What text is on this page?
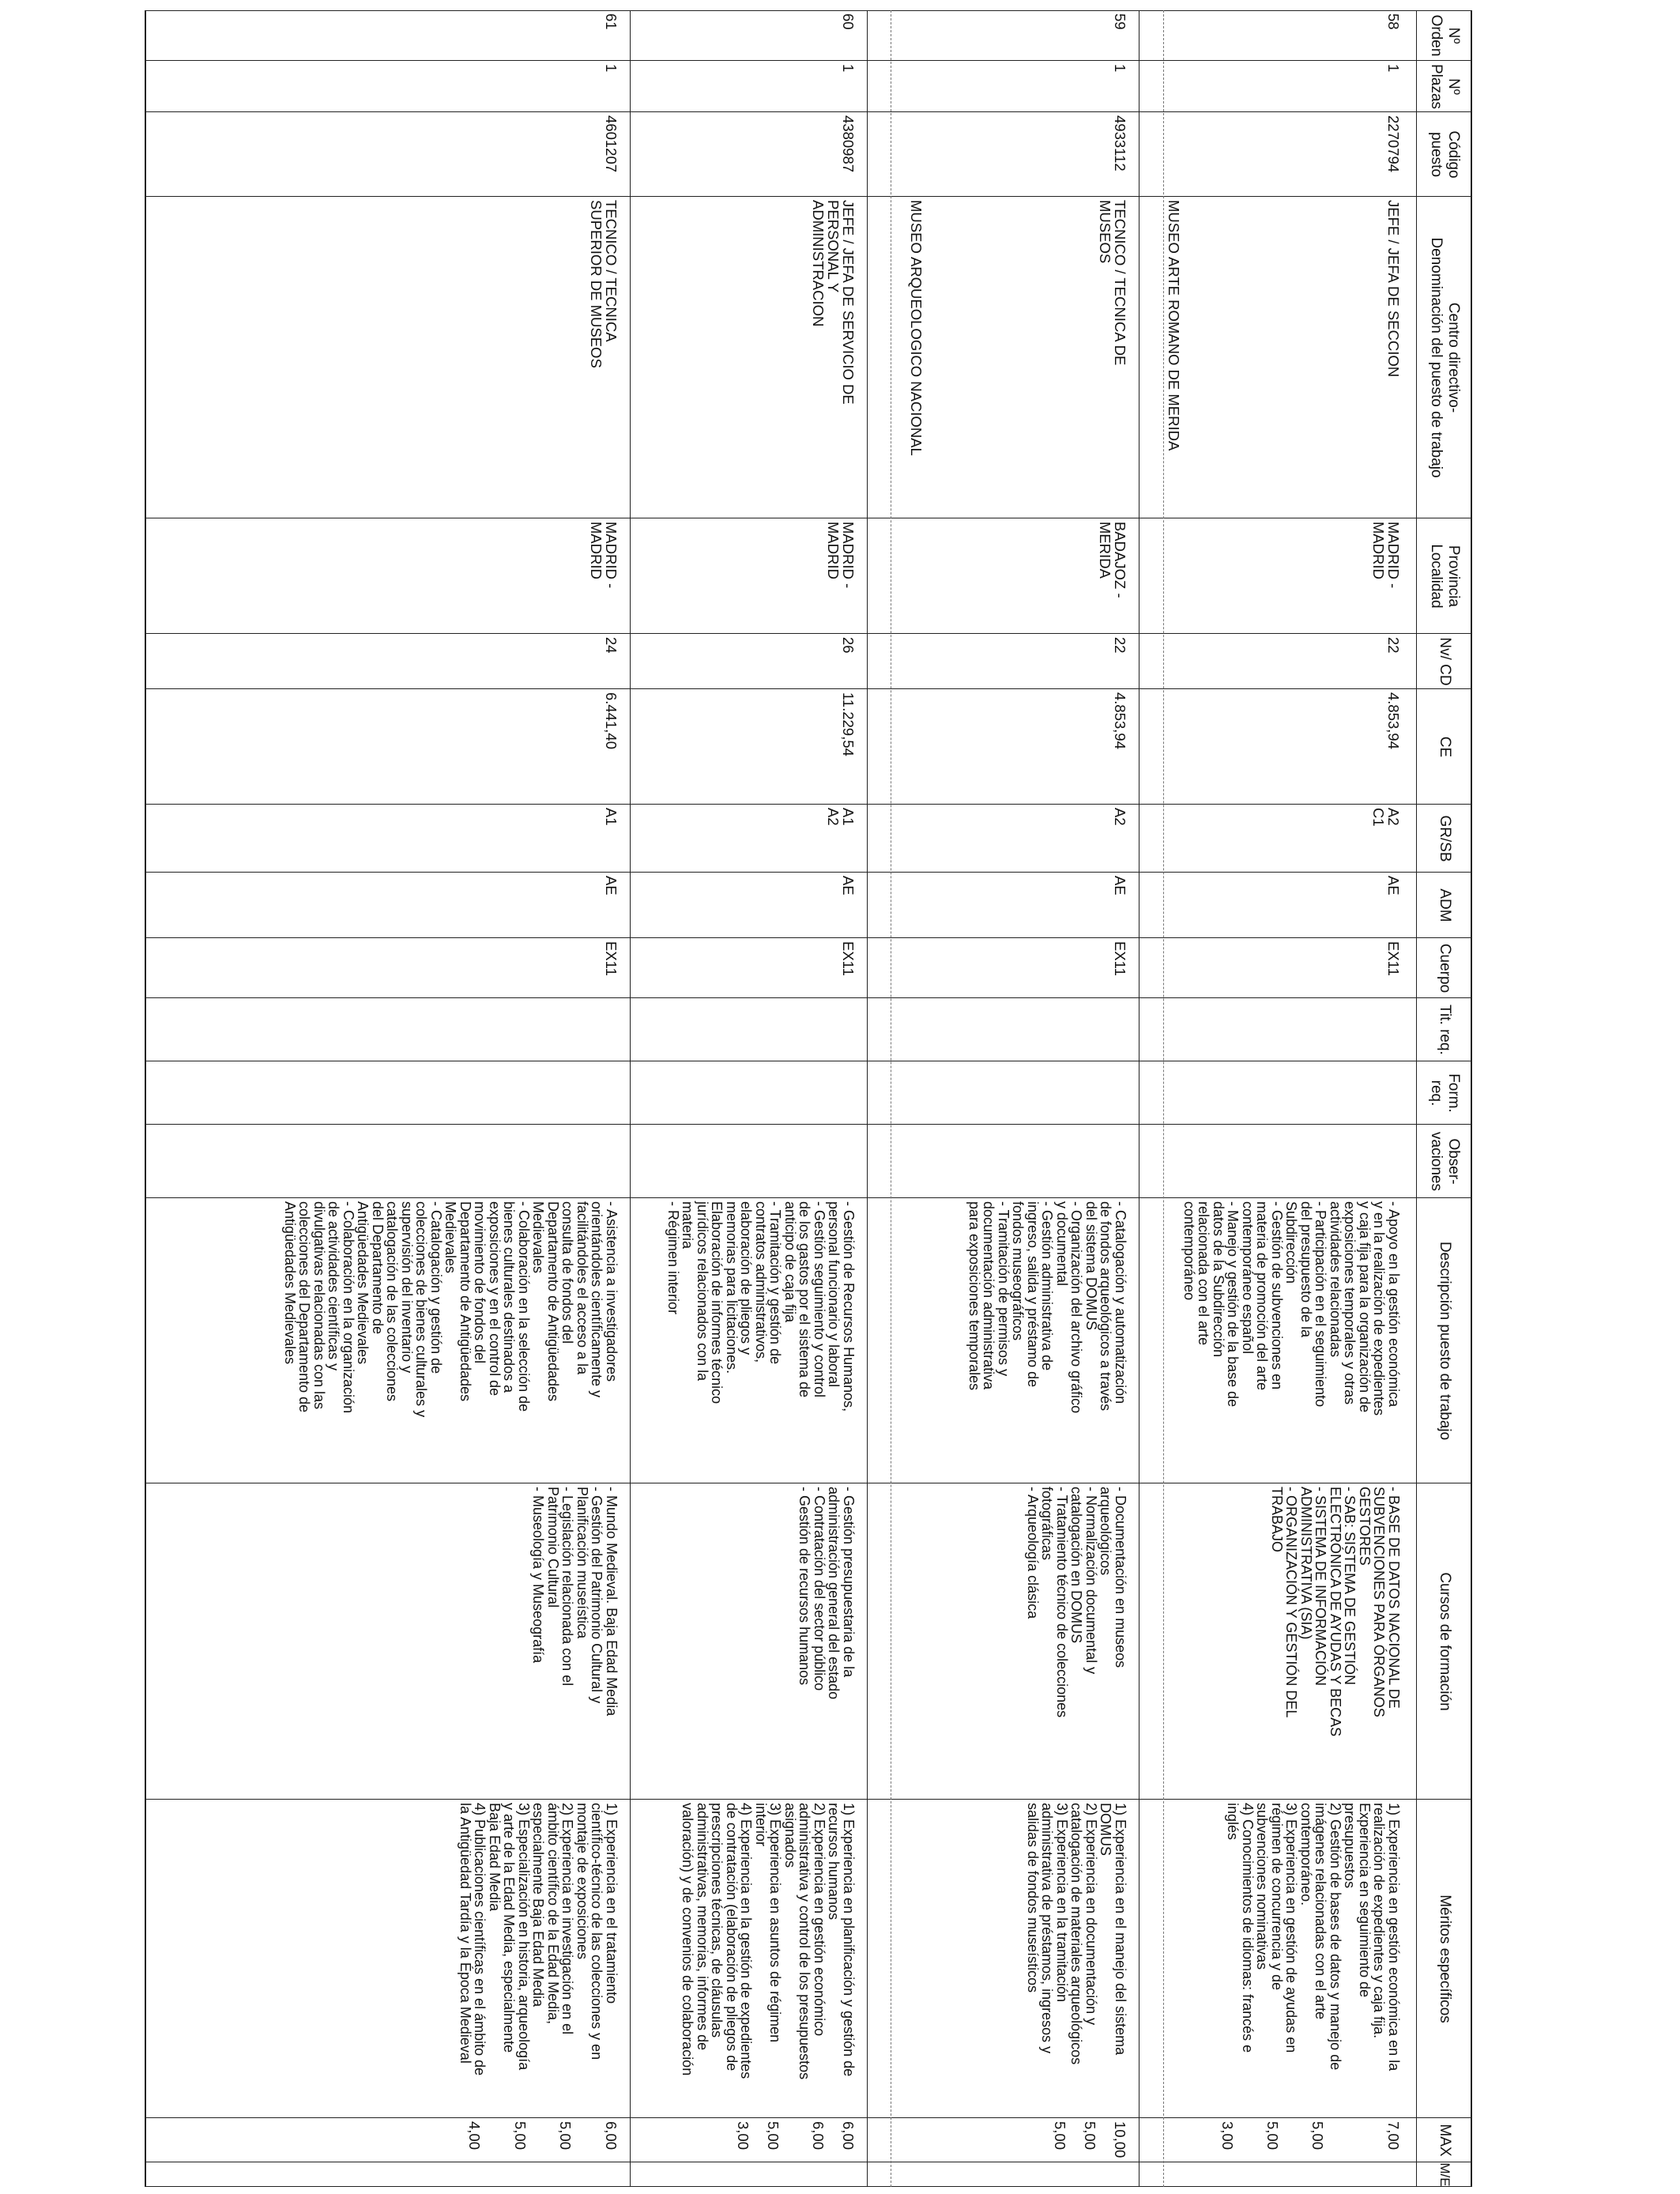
Nº Orden
Nº Plazas
Código puesto
Centro directivo-
Denominación del puesto de trabajo
Provincia Localidad
Nv/ CD
CE
GR/SB
ADM
Cuerpo
Tit. req.
Form. req.
Obser- vaciones
Descripción puesto de trabajo
Cursos de formación
Méritos específicos
MAX
M/E
58
1
2270794
JEFE / JEFA DE SECCION
MADRID -
MADRID
22
4.853,94
A2
C1
AE
EX11
- Apoyo en la gestión económica
y en la realización de expedientes
y caja fija para la organización de
exposiciones temporales y otras
actividades relacionadas
- Participación en el seguimiento
del presupuesto de la
Subdirección
- Gestión de subvenciones en
materia de promoción del arte
contemporáneo español
- Manejo y gestión de la base de
datos de la Subdirección
relacionada con el arte
contemporáneo
- BASE DE DATOS NACIONAL DE
SUBVENCIONES PARA ÓRGANOS
GESTORES
- SAB: SISTEMA DE GESTIÓN
ELECTRÓNICA DE AYUDAS Y BECAS
- SISTEMA DE INFORMACIÓN
ADMINISTRATIVA (SIA)
- ORGANIZACIÓN Y GESTIÓN DEL
TRABAJO
1) Experiencia en gestión económica en la
realización de expedientes y caja fija.
Experiencia en seguimiento de
presupuestos
2) Gestión de bases de datos y manejo de
imágenes relacionadas con el arte
contemporáneo.
3) Experiencia en gestión de ayudas en
régimen de concurrencia y de
subvenciones nominativas
4) Conocimientos de idiomas: francés e
inglés
7,00
5,00
5,00
3,00
MUSEO ARTE ROMANO DE MERIDA
59
1
4933112
TECNICO / TECNICA DE
MUSEOS
BADAJOZ -
MERIDA
22
4.853,94
A2
AE
EX11
- Catalogación y automatización
de fondos arqueológicos a través
del sistema DOMUS
- Organización del archivo gráfico
y documental
- Gestión administrativa de
ingreso, salida y préstamo de
fondos museográficos
- Tramitación de permisos y
documentación administrativa
para exposiciones temporales
- Documentación en museos
arqueológicos
- Normalización documental y
catalogación en DOMUS
- Tratamiento técnico de colecciones
fotográficas
- Arqueología clásica
1) Experiencia en el manejo del sistema
DOMUS
2) Experiencia en documentación y
catalogación de materiales arqueológicos
3) Experiencia en la tramitación
administrativa de préstamos, ingresos y
salidas de fondos museísticos
10,00
5,00
5,00
MUSEO ARQUEOLOGICO NACIONAL
60
1
4380987
JEFE / JEFA DE SERVICIO DE
PERSONAL Y
ADMINISTRACION
MADRID -
MADRID
26
11.229,54
A1
A2
AE
EX11
- Gestión de Recursos Humanos,
personal funcionario y laboral
- Gestión seguimiento y control
de los gastos por el sistema de
anticipo de caja fija
- Tramitación y gestión de
contratos administrativos,
elaboración de pliegos y
memorias para licitaciones.
Elaboración de informes técnico
jurídicos relacionados con la
materia
- Régimen interior
- Gestión presupuestaria de la
administración general del estado
- Contratación del sector público
- Gestión de recursos humanos
1) Experiencia en planificación y gestión de
recursos humanos
2) Experiencia en gestión económico
administrativa y control de los presupuestos
asignados
3) Experiencia en asuntos de régimen
interior
4) Experiencia en la gestión de expedientes
de contratación (elaboración de pliegos de
prescripciones técnicas, de cláusulas
administrativas, memorias, informes de
valoración) y de convenios de colaboración
6,00
6,00
5,00
3,00
61
1
4601207
TECNICO / TECNICA
SUPERIOR DE MUSEOS
MADRID -
MADRID
24
6.441,40
A1
AE
EX11
- Asistencia a investigadores
orientándoles científicamente y
facilitándoles el acceso a la
consulta de fondos del
Departamento de Antigüedades
Medievales
- Colaboración en la selección de
bienes culturales destinados a
exposiciones y en el control de
movimiento de fondos del
Departamento de Antigüedades
Medievales
- Catalogación y gestión de
colecciones de bienes culturales y
supervisión del inventario y
catalogación de las colecciones
del Departamento de
Antigüedades Medievales
- Colaboración en la organización
de actividades científicas y
divulgativas relacionadas con las
colecciones del Departamento de
Antigüedades Medievales
- Mundo Medieval. Baja Edad Media
- Gestión del Patrimonio Cultural y
Planificación museística
- Legislación relacionada con el
Patrimonio Cultural
- Museología y Museografía
1) Experiencia en el tratamiento
científico-técnico de las colecciones y en
montaje de exposiciones
2) Experiencia en investigación en el
ámbito científico de la Edad Media,
especialmente Baja Edad Media
3) Especialización en historia, arqueología
y arte de la Edad Media, especialmente
Baja Edad Media
4) Publicaciones científicas en el ámbito de
la Antigüedad Tardía y la Época Medieval
6,00
5,00
5,00
4,00
